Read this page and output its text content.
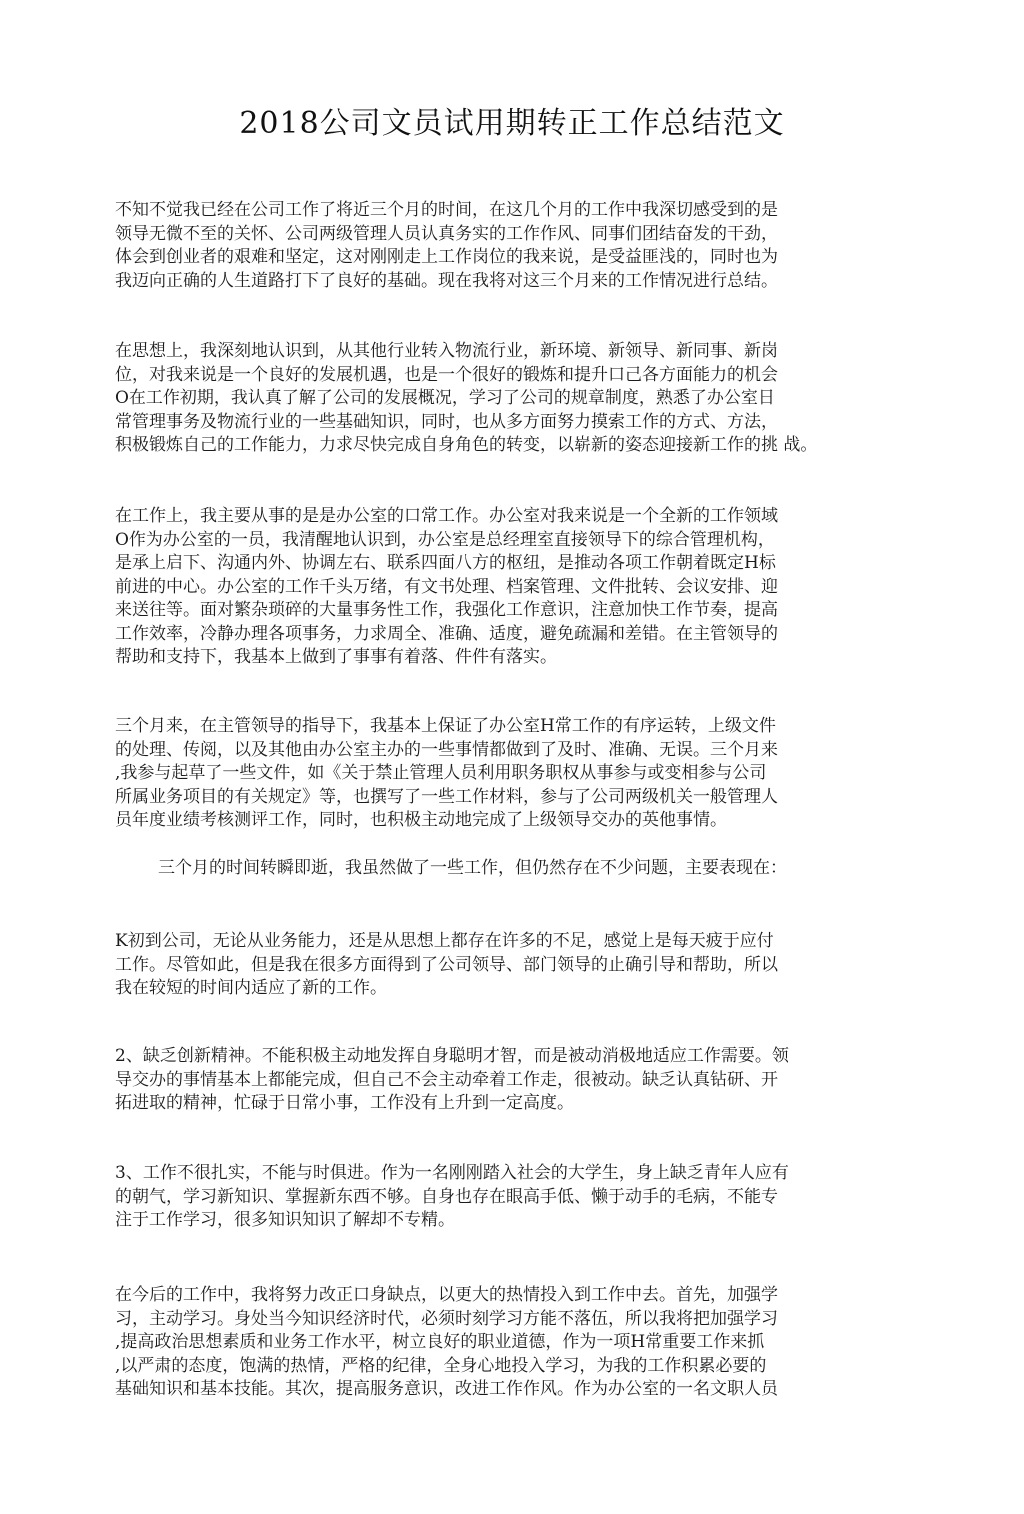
2018公司文员试用期转正工作总结范文
不知不觉我已经在公司工作了将近三个月的时间，在这几个月的工作中我深切感受到的是
领导无微不至的关怀、公司两级管理人员认真务实的工作作风、同事们团结奋发的干劲，
体会到创业者的艰难和坚定，这对刚刚走上工作岗位的我来说，是受益匪浅的，同时也为
我迈向正确的人生道路打下了良好的基础。现在我将对这三个月来的工作情况进行总结。
在思想上，我深刻地认识到，从其他行业转入物流行业，新环境、新领导、新同事、新岗
位，对我来说是一个良好的发展机遇，也是一个很好的锻炼和提升口己各方面能力的机会
O在工作初期，我认真了解了公司的发展概况，学习了公司的规章制度，熟悉了办公室日
常管理事务及物流行业的一些基础知识，同时，也从多方面努力摸索工作的方式、方法，
积极锻炼自己的工作能力，力求尽快完成自身角色的转变，以崭新的姿态迎接新工作的挑 战。
在工作上，我主要从事的是是办公室的口常工作。办公室对我来说是一个全新的工作领域
O作为办公室的一员，我清醒地认识到，办公室是总经理室直接领导下的综合管理机构，
是承上启下、沟通内外、协调左右、联系四面八方的枢纽，是推动各项工作朝着既定H标
前进的中心。办公室的工作千头万绪，有文书处理、档案管理、文件批转、会议安排、迎
来送往等。面对繁杂琐碎的大量事务性工作，我强化工作意识，注意加快工作节奏，提高
工作效率，冷静办理各项事务，力求周全、准确、适度，避免疏漏和差错。在主管领导的
帮助和支持下，我基本上做到了事事有着落、件件有落实。
三个月来，在主管领导的指导下，我基本上保证了办公室H常工作的有序运转，上级文件
的处理、传阅，以及其他由办公室主办的一些事情都做到了及时、准确、无误。三个月来
,我参与起草了一些文件，如《关于禁止管理人员利用职务职权从事参与或变相参与公司
所属业务项目的有关规定》等，也撰写了一些工作材料，参与了公司两级机关一般管理人
员年度业绩考核测评工作，同时，也积极主动地完成了上级领导交办的英他事情。
三个月的时间转瞬即逝，我虽然做了一些工作，但仍然存在不少问题，主要表现在：
K初到公司，无论从业务能力，还是从思想上都存在许多的不足，感觉上是每天疲于应付
工作。尽管如此，但是我在很多方面得到了公司领导、部门领导的止确引导和帮助，所以
我在较短的时间内适应了新的工作。
2、缺乏创新精神。不能积极主动地发挥自身聪明才智，而是被动消极地适应工作需要。领
导交办的事情基本上都能完成，但自己不会主动牵着工作走，很被动。缺乏认真钻研、开
拓进取的精神，忙碌于日常小事，工作没有上升到一定高度。
3、工作不很扎实，不能与时俱进。作为一名刚刚踏入社会的大学生，身上缺乏青年人应有
的朝气，学习新知识、掌握新东西不够。自身也存在眼高手低、懒于动手的毛病，不能专
注于工作学习，很多知识知识了解却不专精。
在今后的工作中，我将努力改正口身缺点，以更大的热情投入到工作中去。首先，加强学
习，主动学习。身处当今知识经济时代，必须时刻学习方能不落伍，所以我将把加强学习
,提高政治思想素质和业务工作水平，树立良好的职业道德，作为一项H常重要工作来抓
,以严肃的态度，饱满的热情，严格的纪律，全身心地投入学习，为我的工作积累必要的
基础知识和基本技能。其次，提高服务意识，改进工作作风。作为办公室的一名文职人员
